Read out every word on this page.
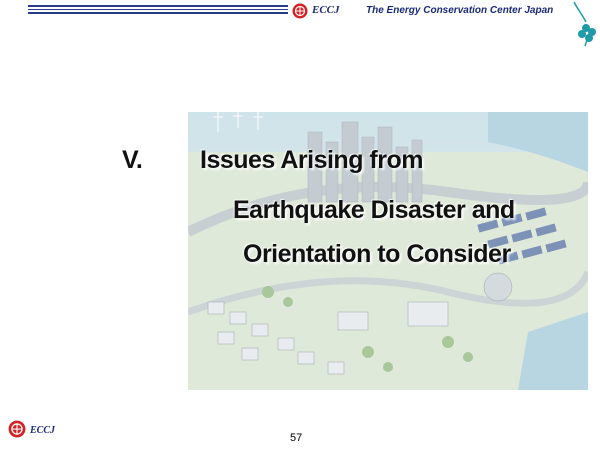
ECCJ	The Energy Conservation Center Japan
V. Issues Arising from
Earthquake Disaster and
Orientation to Consider
ECCJ
57
